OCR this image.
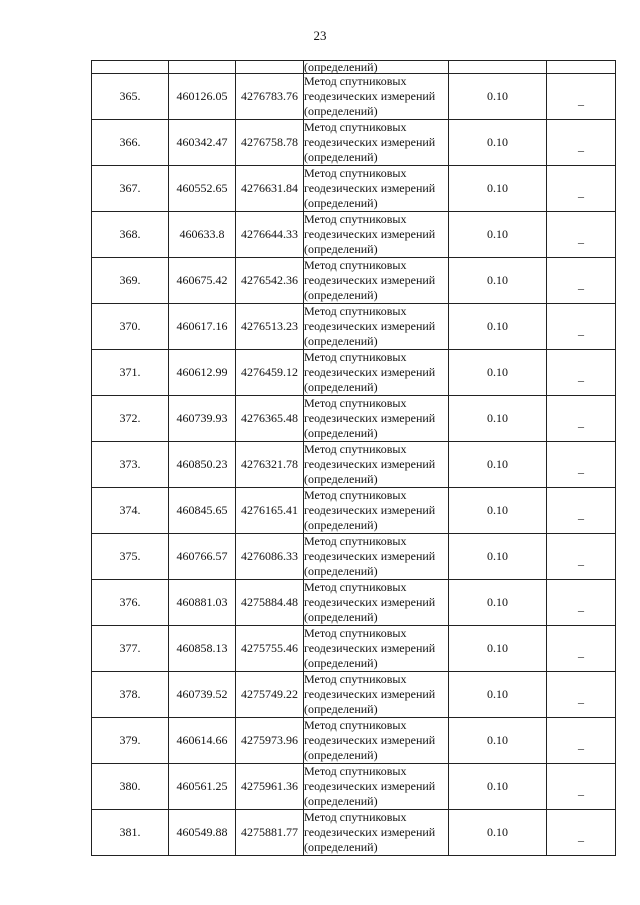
23
			(определений)		
365.	460126.05	4276783.76	Метод спутниковых
геодезических измерений
(определений)	0.10	_
366.	460342.47	4276758.78	Метод спутниковых
геодезических измерений
(определений)	0.10	_
367.	460552.65	4276631.84	Метод спутниковых
геодезических измерений
(определений)	0.10	_
368.	460633.8	4276644.33	Метод спутниковых
геодезических измерений
(определений)	0.10	_
369.	460675.42	4276542.36	Метод спутниковых
геодезических измерений
(определений)	0.10	_
370.	460617.16	4276513.23	Метод спутниковых
геодезических измерений
(определений)	0.10	_
371.	460612.99	4276459.12	Метод спутниковых
геодезических измерений
(определений)	0.10	_
372.	460739.93	4276365.48	Метод спутниковых
геодезических измерений
(определений)	0.10	_
373.	460850.23	4276321.78	Метод спутниковых
геодезических измерений
(определений)	0.10	_
374.	460845.65	4276165.41	Метод спутниковых
геодезических измерений
(определений)	0.10	_
375.	460766.57	4276086.33	Метод спутниковых
геодезических измерений
(определений)	0.10	_
376.	460881.03	4275884.48	Метод спутниковых
геодезических измерений
(определений)	0.10	_
377.	460858.13	4275755.46	Метод спутниковых
геодезических измерений
(определений)	0.10	_
378.	460739.52	4275749.22	Метод спутниковых
геодезических измерений
(определений)	0.10	_
379.	460614.66	4275973.96	Метод спутниковых
геодезических измерений
(определений)	0.10	_
380.	460561.25	4275961.36	Метод спутниковых
геодезических измерений
(определений)	0.10	_
381.	460549.88	4275881.77	Метод спутниковых
геодезических измерений
(определений)	0.10	_
